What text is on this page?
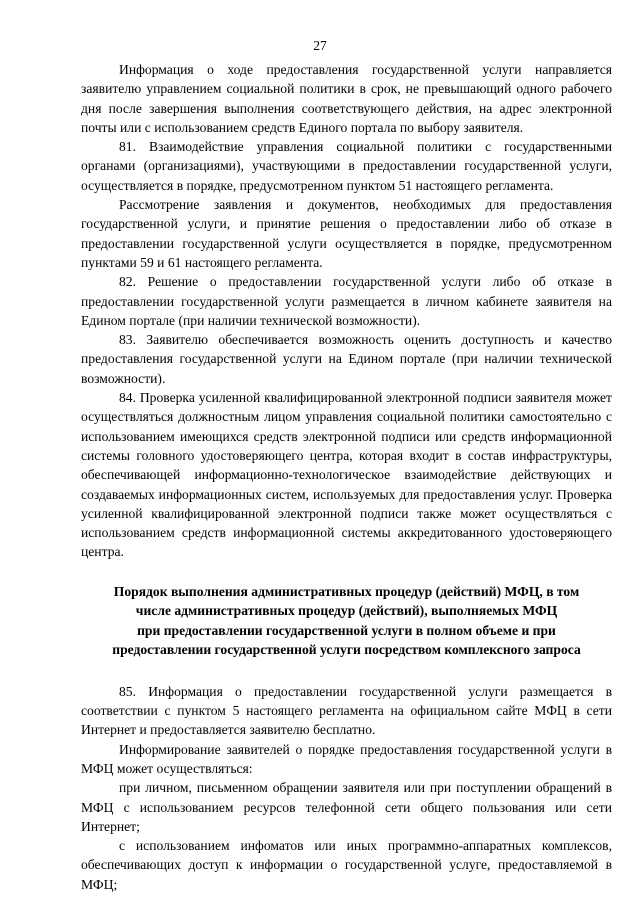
27

Информация о ходе предоставления государственной услуги направляется заявителю управлением социальной политики в срок, не превышающий одного рабочего дня после завершения выполнения соответствующего действия, на адрес электронной почты или с использованием средств Единого портала по выбору заявителя.

81. Взаимодействие управления социальной политики с государственными органами (организациями), участвующими в предоставлении государственной услуги, осуществляется в порядке, предусмотренном пунктом 51 настоящего регламента.

Рассмотрение заявления и документов, необходимых для предоставления государственной услуги, и принятие решения о предоставлении либо об отказе в предоставлении государственной услуги осуществляется в порядке, предусмотренном пунктами 59 и 61 настоящего регламента.

82. Решение о предоставлении государственной услуги либо об отказе в предоставлении государственной услуги размещается в личном кабинете заявителя на Едином портале (при наличии технической возможности).

83. Заявителю обеспечивается возможность оценить доступность и качество предоставления государственной услуги на Едином портале (при наличии технической возможности).

84. Проверка усиленной квалифицированной электронной подписи заявителя может осуществляться должностным лицом управления социальной политики самостоятельно с использованием имеющихся средств электронной подписи или средств информационной системы головного удостоверяющего центра, которая входит в состав инфраструктуры, обеспечивающей информационно-технологическое взаимодействие действующих и создаваемых информационных систем, используемых для предоставления услуг. Проверка усиленной квалифицированной электронной подписи также может осуществляться с использованием средств информационной системы аккредитованного удостоверяющего центра.

Порядок выполнения административных процедур (действий) МФЦ, в том
числе административных процедур (действий), выполняемых МФЦ
при предоставлении государственной услуги в полном объеме и при
предоставлении государственной услуги посредством комплексного запроса

85. Информация о предоставлении государственной услуги размещается в соответствии с пунктом 5 настоящего регламента на официальном сайте МФЦ в сети Интернет и предоставляется заявителю бесплатно.

Информирование заявителей о порядке предоставления государственной услуги в МФЦ может осуществляться:

при личном, письменном обращении заявителя или при поступлении обращений в МФЦ с использованием ресурсов телефонной сети общего пользования или сети Интернет;

с использованием инфоматов или иных программно-аппаратных комплексов, обеспечивающих доступ к информации о государственной услуге, предоставляемой в МФЦ;
